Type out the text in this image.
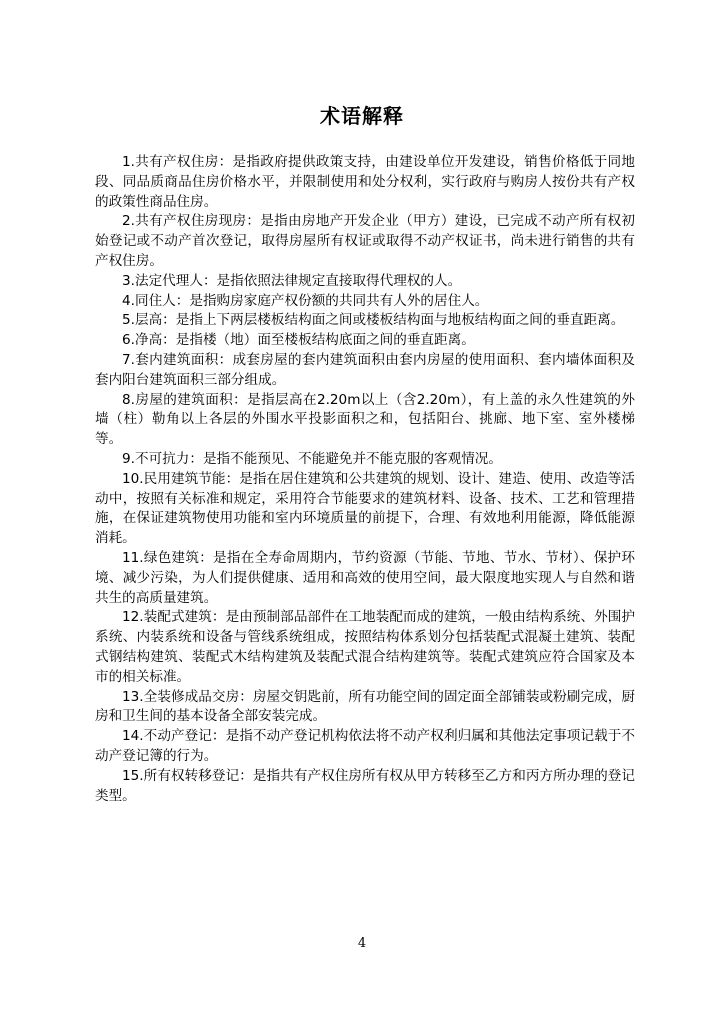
术语解释

1.共有产权住房：是指政府提供政策支持，由建设单位开发建设，销售价格低于同地段、同品质商品住房价格水平，并限制使用和处分权利，实行政府与购房人按份共有产权的政策性商品住房。

2.共有产权住房现房：是指由房地产开发企业（甲方）建设，已完成不动产所有权初始登记或不动产首次登记，取得房屋所有权证或取得不动产权证书，尚未进行销售的共有产权住房。

3.法定代理人：是指依照法律规定直接取得代理权的人。

4.同住人：是指购房家庭产权份额的共同共有人外的居住人。

5.层高：是指上下两层楼板结构面之间或楼板结构面与地板结构面之间的垂直距离。

6.净高：是指楼（地）面至楼板结构底面之间的垂直距离。

7.套内建筑面积：成套房屋的套内建筑面积由套内房屋的使用面积、套内墙体面积及套内阳台建筑面积三部分组成。

8.房屋的建筑面积：是指层高在2.20m以上（含2.20m），有上盖的永久性建筑的外墙（柱）勒角以上各层的外围水平投影面积之和，包括阳台、挑廊、地下室、室外楼梯等。

9.不可抗力：是指不能预见、不能避免并不能克服的客观情况。

10.民用建筑节能：是指在居住建筑和公共建筑的规划、设计、建造、使用、改造等活动中，按照有关标准和规定，采用符合节能要求的建筑材料、设备、技术、工艺和管理措施，在保证建筑物使用功能和室内环境质量的前提下，合理、有效地利用能源，降低能源消耗。

11.绿色建筑：是指在全寿命周期内，节约资源（节能、节地、节水、节材）、保护环境、减少污染，为人们提供健康、适用和高效的使用空间，最大限度地实现人与自然和谐共生的高质量建筑。

12.装配式建筑：是由预制部品部件在工地装配而成的建筑，一般由结构系统、外围护系统、内装系统和设备与管线系统组成，按照结构体系划分包括装配式混凝土建筑、装配式钢结构建筑、装配式木结构建筑及装配式混合结构建筑等。装配式建筑应符合国家及本市的相关标准。

13.全装修成品交房：房屋交钥匙前，所有功能空间的固定面全部铺装或粉刷完成，厨房和卫生间的基本设备全部安装完成。

14.不动产登记：是指不动产登记机构依法将不动产权利归属和其他法定事项记载于不动产登记簿的行为。

15.所有权转移登记：是指共有产权住房所有权从甲方转移至乙方和丙方所办理的登记类型。

4
